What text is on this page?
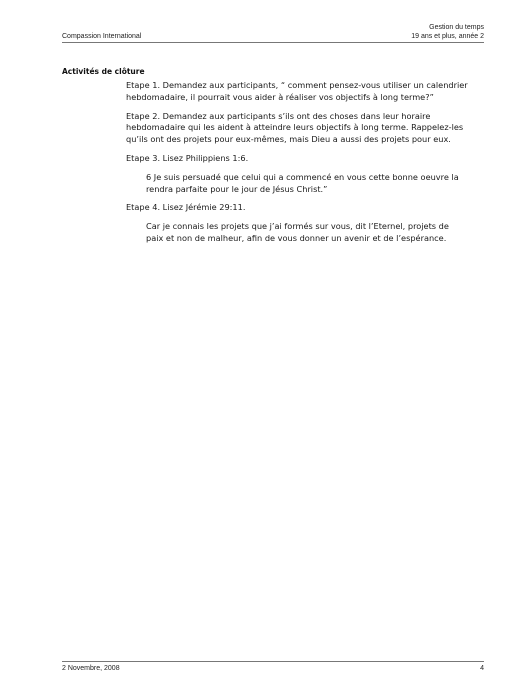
Compassion International
Gestion du temps
19 ans et plus, année 2
Activités de clôture

Etape 1. Demandez aux participants, “ comment pensez-vous utiliser un calendrier hebdomadaire, il pourrait vous aider à réaliser vos objectifs à long terme?”

Etape 2. Demandez aux participants s’ils ont des choses dans leur horaire hebdomadaire qui les aident à atteindre leurs objectifs à long terme. Rappelez-les qu’ils ont des projets pour eux-mêmes, mais Dieu a aussi des projets pour eux.

Etape 3. Lisez Philippiens 1:6.

6 Je suis persuadé que celui qui a commencé en vous cette bonne oeuvre la rendra parfaite pour le jour de Jésus Christ.”

Etape 4. Lisez Jérémie 29:11.

Car je connais les projets que j’ai formés sur vous, dit l’Eternel, projets de paix et non de malheur, afin de vous donner un avenir et de l’espérance.

2 Novembre, 2008	4
